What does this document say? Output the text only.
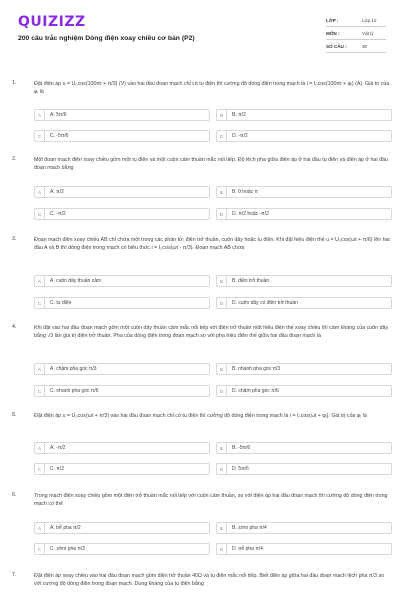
QUIZIZZ
200 câu trắc nghiệm Dòng điện xoay chiều cơ bản (P2)
LỚP :	Lớp 12
MÔN :	Vật lý
SỐ CÂU :	30
1.	Đặt điện áp u = U₀cos(100πt + π/3) (V) vào hai đầu đoạn mạch chỉ có tụ điện thì cường độ dòng điện trong mạch là i = I₀cos(100πt + φᵢ) (A). Giá trị của φᵢ là
A	A. 5π/6	B	B. π/2
C	C. -5π/6	D	D. -π/2
2.	Một đoạn mạch điện xoay chiều gồm một tụ điện và một cuộn cảm thuần mắc nối tiếp. Độ lệch pha giữa điện áp ở hai đầu tụ điện và điện áp ở hai đầu đoạn mạch bằng
A	A. π/2	B	B. 0 hoặc π
C	C. -π/2	D	D. π/2 hoặc -π/2
3.	Đoạn mạch điện xoay chiều AB chỉ chứa một trong các phần tử: điện trở thuần, cuộn dây hoặc tụ điện. Khi đặt hiệu điện thế u = U₀cos(ωt + π/6) lên hai đầu A và B thì dòng điện trong mạch có biểu thức i = I₀cos(ωt - π/3). Đoạn mạch AB chứa
A	A. cuộn dây thuần cảm	B	B. điện trở thuần
C	C. tụ điện	D	D. cuộn dây có điện trở thuần
4.	Khi đặt vào hai đầu đoạn mạch gồm một cuộn dây thuần cảm mắc nối tiếp với điện trở thuần một hiệu điện thế xoay chiều thì cảm kháng của cuộn dây bằng √3 lần giá trị điện trở thuần. Pha của dòng điện trong đoạn mạch so với pha hiệu điện thế giữa hai đầu đoạn mạch là
A	A. chậm pha góc π/3	B	B. nhanh pha góc π/3
C	C. nhanh pha góc π/6	D	D. chậm pha góc π/6
5.	Đặt điện áp u = U₀cos(ωt + π/3) vào hai đầu đoạn mạch chỉ có tụ điện thì cường độ dòng điện trong mạch là i = I₀cos(ωt + φᵢ). Giá trị của φᵢ là
A	A. -π/2	B	B. -5π/6
C	C. π/2	D	D. 5π/6
6.	Trong mạch điện xoay chiều gồm một điện trở thuần mắc nối tiếp với cuộn cảm thuần, so với điện áp hai đầu đoạn mạch thì cường độ dòng điện trong mạch có thể
A	A. trễ pha π/2	B	B. sớm pha π/4
C	C. sớm pha π/2	D	D. trễ pha π/4
7.	Đặt điện áp xoay chiều vào hai đầu đoạn mạch gồm điện trở thuần 40Ω và tụ điện mắc nối tiếp. Biết điện áp giữa hai đầu đoạn mạch lệch pha π/3 so với cường độ dòng điện trong đoạn mạch. Dung kháng của tụ điện bằng
